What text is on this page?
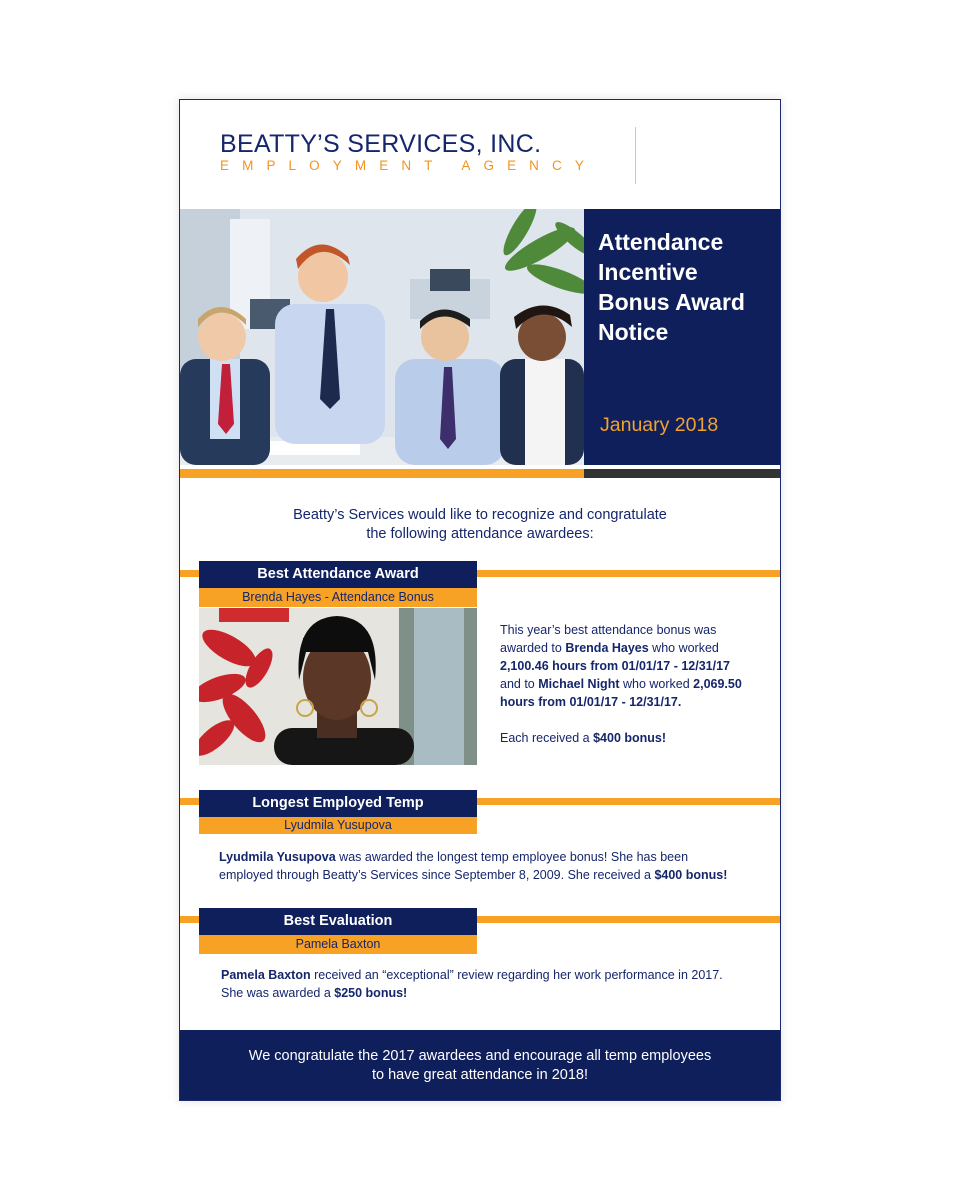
BEATTY’S SERVICES, INC.
EMPLOYMENT AGENCY
Attendance
Incentive
Bonus Award
Notice
January 2018
Beatty’s Services would like to recognize and congratulate
the following attendance awardees:
Best Attendance Award
Brenda Hayes - Attendance Bonus
This year’s best attendance bonus was
awarded to Brenda Hayes who worked
2,100.46 hours from 01/01/17 - 12/31/17
and to Michael Night who worked 2,069.50
hours from 01/01/17 - 12/31/17.
Each received a $400 bonus!
Longest Employed Temp
Lyudmila Yusupova
Lyudmila Yusupova was awarded the longest temp employee bonus! She has been
employed through Beatty’s Services since September 8, 2009. She received a $400 bonus!
Best Evaluation
Pamela Baxton
Pamela Baxton received an “exceptional” review regarding her work performance in 2017.
She was awarded a $250 bonus!
We congratulate the 2017 awardees and encourage all temp employees
to have great attendance in 2018!
